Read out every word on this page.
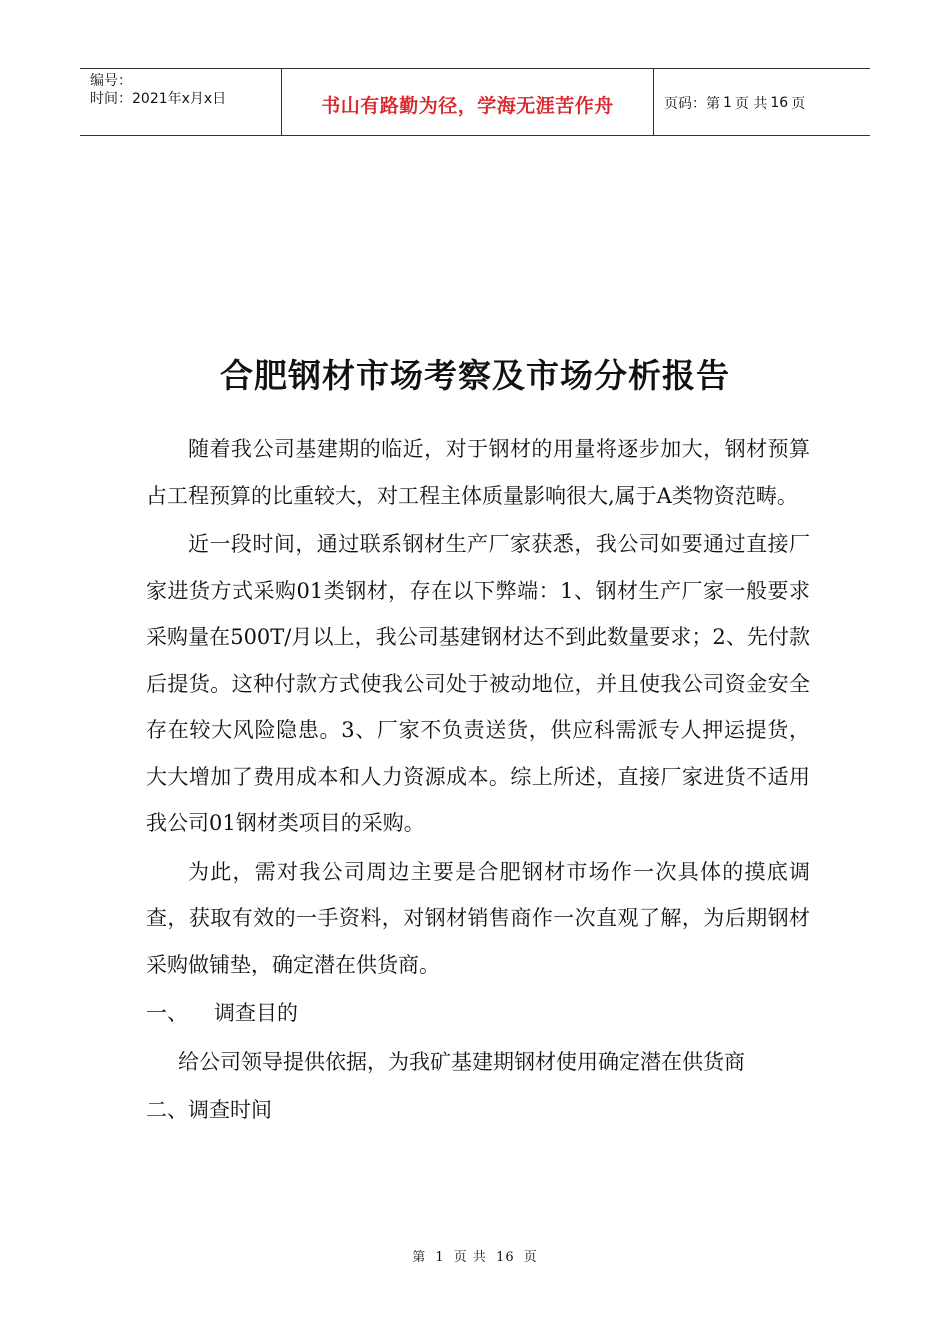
编号：
时间：2021年x月x日	书山有路勤为径，学海无涯苦作舟	页码：第 1 页 共 16 页
合肥钢材市场考察及市场分析报告

随着我公司基建期的临近，对于钢材的用量将逐步加大，钢材预算占工程预算的比重较大，对工程主体质量影响很大,属于A类物资范畴。

近一段时间，通过联系钢材生产厂家获悉，我公司如要通过直接厂家进货方式采购01类钢材，存在以下弊端：1、钢材生产厂家一般要求采购量在500T/月以上，我公司基建钢材达不到此数量要求；2、先付款后提货。这种付款方式使我公司处于被动地位，并且使我公司资金安全存在较大风险隐患。3、厂家不负责送货，供应科需派专人押运提货，大大增加了费用成本和人力资源成本。综上所述，直接厂家进货不适用我公司01钢材类项目的采购。

为此，需对我公司周边主要是合肥钢材市场作一次具体的摸底调查，获取有效的一手资料，对钢材销售商作一次直观了解，为后期钢材采购做铺垫，确定潜在供货商。

一、 调查目的

给公司领导提供依据，为我矿基建期钢材使用确定潜在供货商

二、调查时间

第 1 页 共 16 页
